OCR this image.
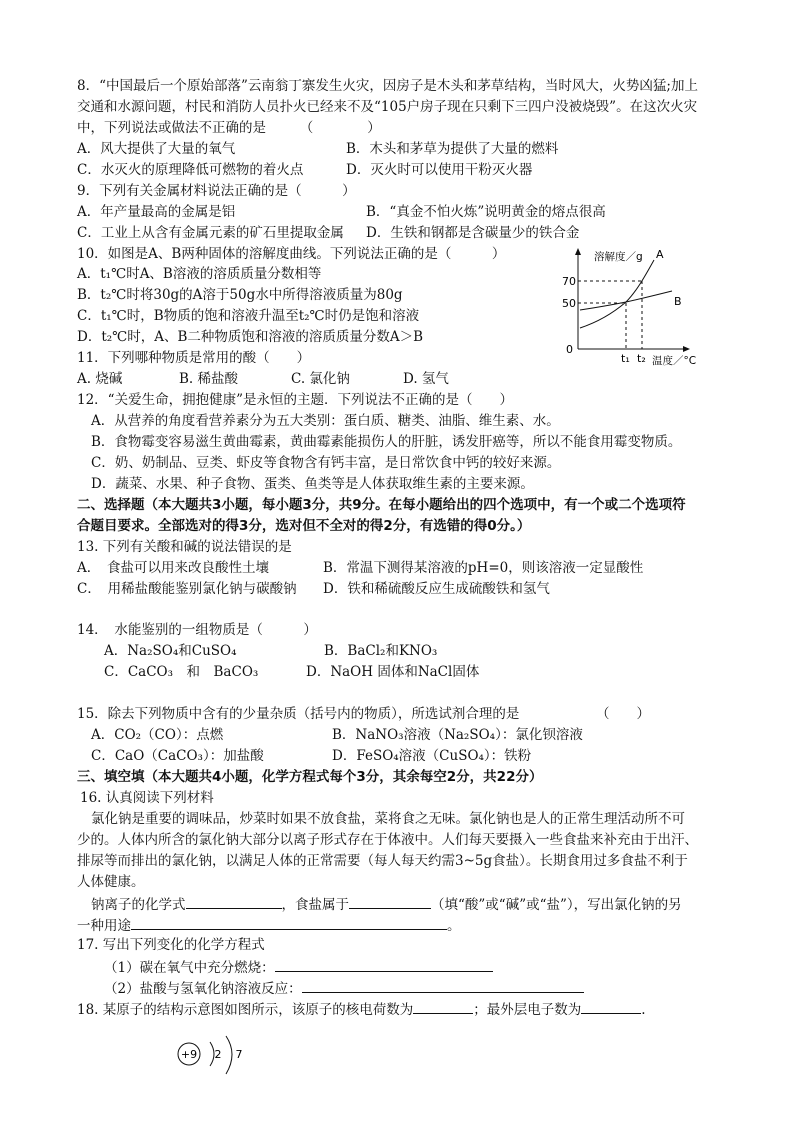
8．“中国最后一个原始部落”云南翁丁寨发生火灾，因房子是木头和茅草结构，当时风大，火势凶猛;加上
交通和水源问题，村民和消防人员扑火已经来不及“105户房子现在只剩下三四户没被烧毁”。在这次火灾
中，下列说法或做法不正确的是　　　（　　　　）
A．风大提供了大量的氧气	B．木头和茅草为提供了大量的燃料
C．水灭火的原理降低可燃物的着火点	D．灭火时可以使用干粉灭火器
9．下列有关金属材料说法正确的是（　　　）
A．年产量最高的金属是铝	B．“真金不怕火炼”说明黄金的熔点很高
C．工业上从含有金属元素的矿石里提取金属 D．生铁和钢都是含碳量少的铁合金
10．如图是A、B两种固体的溶解度曲线。下列说法正确的是（　　　）
A．t₁℃时A、B溶液的溶质质量分数相等
B．t₂℃时将30g的A溶于50g水中所得溶液质量为80g
C．t₁℃时，B物质的饱和溶液升温至t₂℃时仍是饱和溶液
D．t₂℃时，A、B二种物质饱和溶液的溶质质量分数A＞B
溶解度／g A
B
70
50
0
t₁ t₂ 温度／°C
11．下列哪种物质是常用的酸（　　）
A. 烧碱	B. 稀盐酸	C. 氯化钠	D. 氢气
12．“关爱生命，拥抱健康”是永恒的主题．下列说法不正确的是（　　）
A．从营养的角度看营养素分为五大类别：蛋白质、糖类、油脂、维生素、水。
B．食物霉变容易滋生黄曲霉素，黄曲霉素能损伤人的肝脏，诱发肝癌等，所以不能食用霉变物质。
C．奶、奶制品、豆类、虾皮等食物含有钙丰富，是日常饮食中钙的较好来源。
D．蔬菜、水果、种子食物、蛋类、鱼类等是人体获取维生素的主要来源。
二、选择题（本大题共3小题，每小题3分，共9分。在每小题给出的四个选项中，有一个或二个选项符
合题目要求。全部选对的得3分，选对但不全对的得2分，有选错的得0分。）
13. 下列有关酸和碱的说法错误的是
A．　食盐可以用来改良酸性土壤	B．常温下测得某溶液的pH=0，则该溶液一定显酸性
C．　用稀盐酸能鉴别氯化钠与碳酸钠 D．铁和稀硫酸反应生成硫酸铁和氢气
14．　水能鉴别的一组物质是（　　　）
A．Na₂SO₄和CuSO₄	B．BaCl₂和KNO₃
C．CaCO₃　和　BaCO₃	D．NaOH 固体和NaCl固体
15．除去下列物质中含有的少量杂质（括号内的物质），所选试剂合理的是	（　　）
A．CO₂（CO）：点燃	B．NaNO₃溶液（Na₂SO₄）：氯化钡溶液
C．CaO（CaCO₃）：加盐酸	D．FeSO₄溶液（CuSO₄）：铁粉
三、填空填（本大题共4小题，化学方程式每个3分，其余每空2分，共22分）
16. 认真阅读下列材料
氯化钠是重要的调味品，炒菜时如果不放食盐，菜将食之无味。氯化钠也是人的正常生理活动所不可
少的。人体内所含的氯化钠大部分以离子形式存在于体液中。人们每天要摄入一些食盐来补充由于出汗、
排尿等而排出的氯化钠，以满足人体的正常需要（每人每天约需3~5g食盐）。长期食用过多食盐不利于
人体健康。
钠离子的化学式	，食盐属于	（填“酸”或“碱”或“盐”），写出氯化钠的另
一种用途	。
17. 写出下列变化的化学方程式
（1）碳在氧气中充分燃烧：
（2）盐酸与氢氧化钠溶液反应：
18. 某原子的结构示意图如图所示，该原子的核电荷数为	；最外层电子数为	.
+9 2 7
